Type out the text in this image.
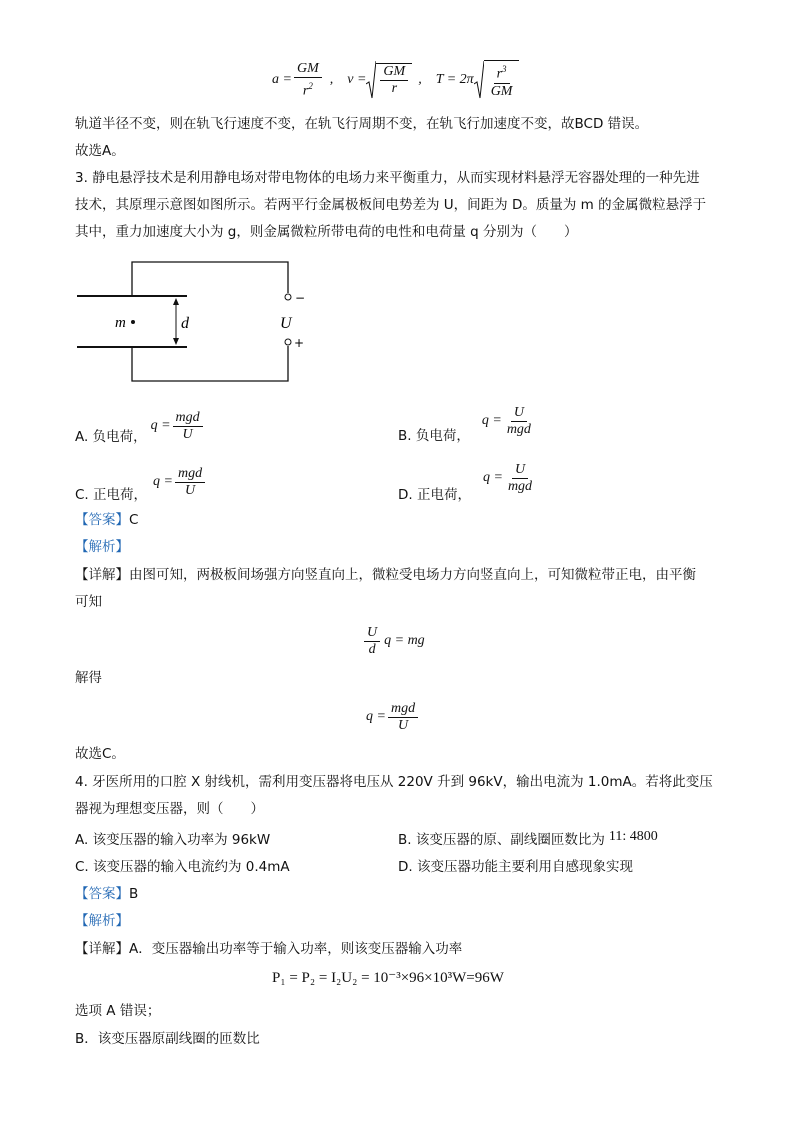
$a = \frac{GM}{r^2}$ , $v = \frac{GM}{r}$ , $T = 2\pi \frac{r^3}{GM}$
轨道半径不变，则在轨飞行速度不变，在轨飞行周期不变，在轨飞行加速度不变，故BCD 错误。
故选A。
3. 静电悬浮技术是利用静电场对带电物体的电场力来平衡重力，从而实现材料悬浮无容器处理的一种先进
技术，其原理示意图如图所示。若两平行金属极板间电势差为 U，间距为 D。质量为 m 的金属微粒悬浮于
其中，重力加速度大小为 g，则金属微粒所带电荷的电性和电荷量 q 分别为（　　）
m	d	U
−
+
A. 负电荷，
$q = \frac{\text{mgd}}{U}$	B. 负电荷，
$q = \frac{U}{\text{mgd}}$
C. 正电荷，
$q = \frac{\text{mgd}}{U}$	D. 正电荷，
$q = \frac{U}{\text{mgd}}$
【答案】C
【解析】
【详解】由图可知，两极板间场强方向竖直向上，微粒受电场力方向竖直向上，可知微粒带正电，由平衡
可知
$\frac{U}{d}$ q = mg
解得
$q = \frac{\text{mgd}}{U}$
故选C。
4. 牙医所用的口腔 X 射线机，需利用变压器将电压从 220V 升到 96kV，输出电流为 1.0mA。若将此变压
器视为理想变压器，则（　　）
A. 该变压器的输入功率为 96kW	B. 该变压器的原、副线圈匝数比为 11: 4800
C. 该变压器的输入电流约为 0.4mA	D. 该变压器功能主要利用自感现象实现
【答案】B
【解析】
【详解】A．变压器输出功率等于输入功率，则该变压器输入功率
P₁ = P₂ = I₂U₂ = 10⁻³×96×10³W=96W
选项 A 错误；
B．该变压器原副线圈的匝数比
